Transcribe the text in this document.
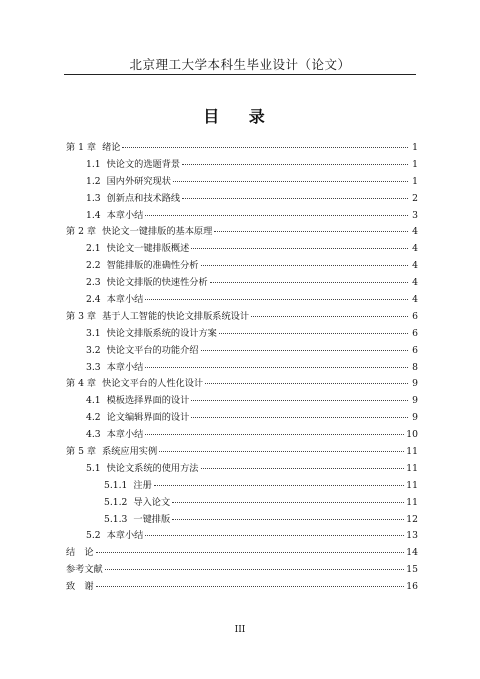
北京理工大学本科生毕业设计（论文）
目 录
第 1 章 绪论	1
1.1 快论文的选题背景	1
1.2 国内外研究现状	1
1.3 创新点和技术路线	2
1.4 本章小结	3
第 2 章 快论文一键排版的基本原理	4
2.1 快论文一键排版概述	4
2.2 智能排版的准确性分析	4
2.3 快论文排版的快速性分析	4
2.4 本章小结	4
第 3 章 基于人工智能的快论文排版系统设计	6
3.1 快论文排版系统的设计方案	6
3.2 快论文平台的功能介绍	6
3.3 本章小结	8
第 4 章 快论文平台的人性化设计	9
4.1 模板选择界面的设计	9
4.2 论文编辑界面的设计	9
4.3 本章小结	10
第 5 章 系统应用实例	11
5.1 快论文系统的使用方法	11
5.1.1 注册	11
5.1.2 导入论文	11
5.1.3 一键排版	12
5.2 本章小结	13
结　论	14
参考文献	15
致　谢	16
III
